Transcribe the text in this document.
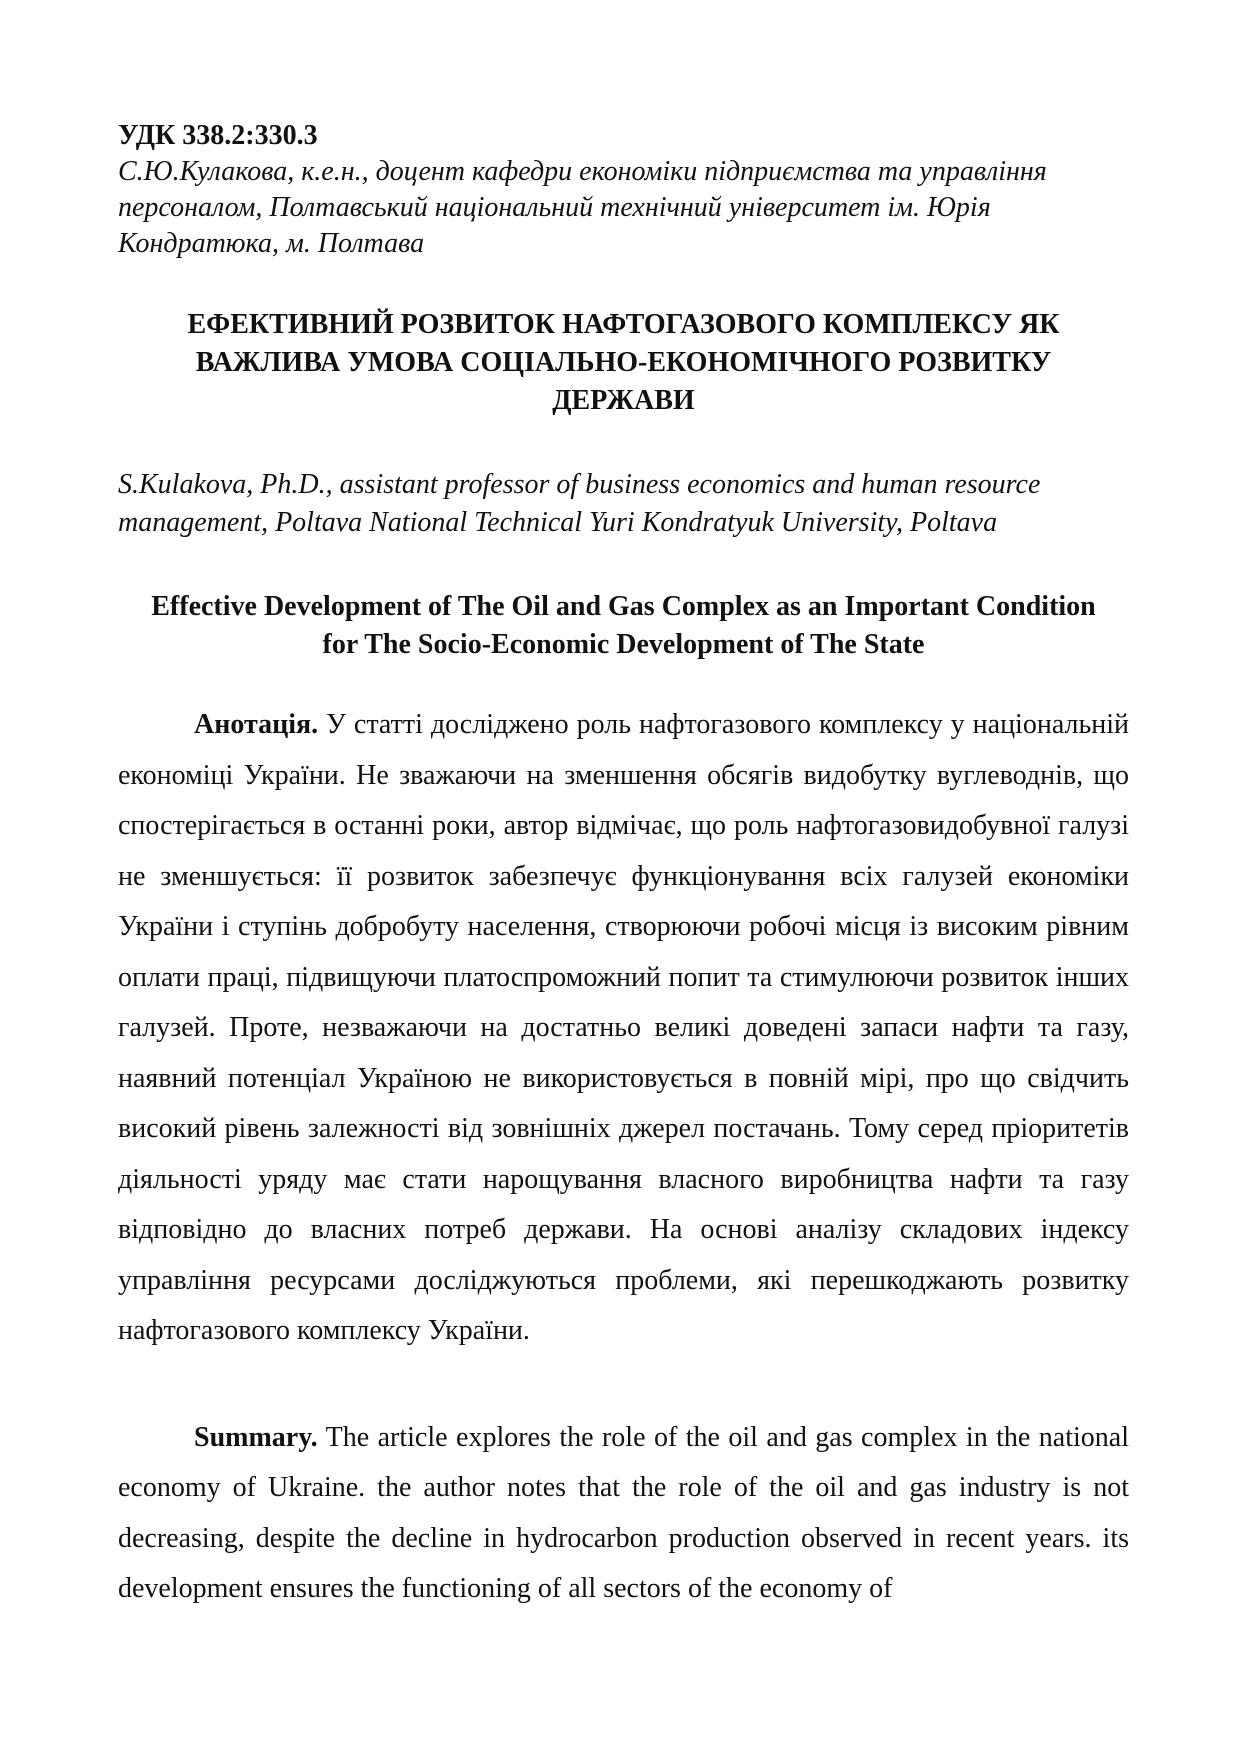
УДК 338.2:330.3

С.Ю.Кулакова, к.е.н., доцент кафедри економіки підприємства та управління персоналом, Полтавський національний технічний університет ім. Юрія Кондратюка, м. Полтава

ЕФЕКТИВНИЙ РОЗВИТОК НАФТОГАЗОВОГО КОМПЛЕКСУ ЯК
ВАЖЛИВА УМОВА СОЦІАЛЬНО-ЕКОНОМІЧНОГО РОЗВИТКУ
ДЕРЖАВИ

S.Kulakova, Ph.D., assistant professor of business economics and human resource management, Poltava National Technical Yuri Kondratyuk University, Poltava

Effective Development of The Oil and Gas Complex as an Important Condition
for The Socio-Economic Development of The State

Анотація. У статті досліджено роль нафтогазового комплексу у національній економіці України. Не зважаючи на зменшення обсягів видобутку вуглеводнів, що спостерігається в останні роки, автор відмічає, що роль нафтогазовидобувної галузі не зменшується: її розвиток забезпечує функціонування всіх галузей економіки України і ступінь добробуту населення, створюючи робочі місця із високим рівним оплати праці, підвищуючи платоспроможний попит та стимулюючи розвиток інших галузей. Проте, незважаючи на достатньо великі доведені запаси нафти та газу, наявний потенціал Україною не використовується в повній мірі, про що свідчить високий рівень залежності від зовнішніх джерел постачань. Тому серед пріоритетів діяльності уряду має стати нарощування власного виробництва нафти та газу відповідно до власних потреб держави. На основі аналізу складових індексу управління ресурсами досліджуються проблеми, які перешкоджають розвитку нафтогазового комплексу України.

Summary. The article explores the role of the oil and gas complex in the national economy of Ukraine. the author notes that the role of the oil and gas industry is not decreasing, despite the decline in hydrocarbon production observed in recent years. its development ensures the functioning of all sectors of the economy of
